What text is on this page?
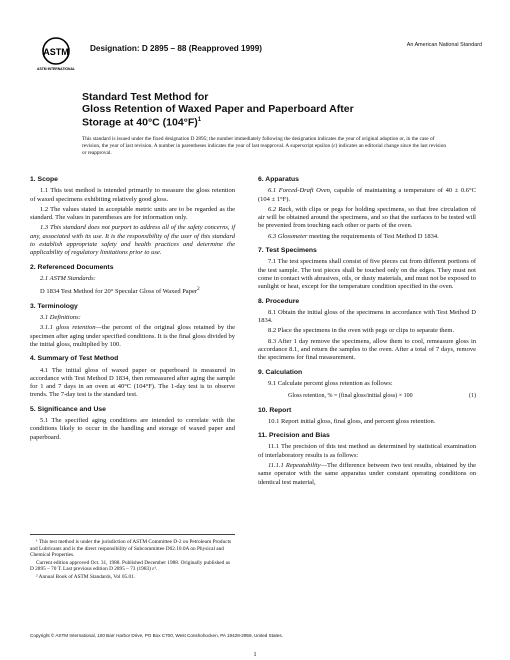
ASTM
ASTM INTERNATIONAL
Designation: D 2895 – 88 (Reapproved 1999)	An American National Standard
Standard Test Method for
Gloss Retention of Waxed Paper and Paperboard After
Storage at 40°C $(104^\circ F)^1$
This standard is issued under the fixed designation D 2895; the number immediately following the designation indicates the year of original adoption or, in the case of revision, the year of last revision. A number in parentheses indicates the year of last reapproval. A superscript epsilon (ε) indicates an editorial change since the last revision or reapproval.
1. Scope

1.1 This test method is intended primarily to measure the gloss retention of waxed specimens exhibiting relatively good gloss.

1.2 The values stated in acceptable metric units are to be regarded as the standard. The values in parentheses are for information only.

1.3 This standard does not purport to address all of the safety concerns, if any, associated with its use. It is the responsibility of the user of this standard to establish appropriate safety and health practices and determine the applicability of regulatory limitations prior to use.

2. Referenced Documents

2.1 ASTM Standards:

D 1834 Test Method for 20° Specular Gloss of Waxed Paper$^2$

3. Terminology

3.1 Definitions:

3.1.1 gloss retention—the percent of the original gloss retained by the specimen after aging under specified conditions. It is the final gloss divided by the initial gloss, multiplied by 100.

4. Summary of Test Method

4.1 The initial gloss of waxed paper or paperboard is measured in accordance with Test Method D 1834, then remeasured after aging the sample for 1 and 7 days in an oven at 40°C (104°F). The 1-day test is to observe trends. The 7-day test is the standard test.

5. Significance and Use

5.1 The specified aging conditions are intended to correlate with the conditions likely to occur in the handling and storage of waxed paper and paperboard.

¹ This test method is under the jurisdiction of ASTM Committee D-2 on Petroleum Products and Lubricants and is the direct responsibility of Subcommittee D02.10.0A on Physical and Chemical Properties.

Current edition approved Oct. 31, 1988. Published December 1988. Originally published as D 2895 – 70 T. Last previous edition D 2895 – 73 (1983) ε¹.

² Annual Book of ASTM Standards, Vol 05.01.

6. Apparatus

6.1 Forced-Draft Oven, capable of maintaining a temperature of 40 ± 0.6°C (104 ± 1°F).

6.2 Rack, with clips or pegs for holding specimens, so that free circulation of air will be obtained around the specimens, and so that the surfaces to be tested will be prevented from touching each other or parts of the oven.

6.3 Glossmeter meeting the requirements of Test Method D 1834.

7. Test Specimens

7.1 The test specimens shall consist of five pieces cut from different portions of the test sample. The test pieces shall be touched only on the edges. They must not come in contact with abrasives, oils, or dusty materials, and must not be exposed to sunlight or heat, except for the temperature condition specified in the oven.

8. Procedure

8.1 Obtain the initial gloss of the specimens in accordance with Test Method D 1834.

8.2 Place the specimens in the oven with pegs or clips to separate them.

8.3 After 1 day remove the specimens, allow them to cool, remeasure gloss in accordance 8.1, and return the samples to the oven. After a total of 7 days, remove the specimens for final measurement.

9. Calculation

9.1 Calculate percent gloss retention as follows:

Gloss retention, % = (final gloss/initial gloss) × 100	(1)
10. Report

10.1 Report initial gloss, final gloss, and percent gloss retention.

11. Precision and Bias

11.1 The precision of this test method as determined by statistical examination of interlaboratory results is as follows:

11.1.1 Repeatability—The difference between two test results, obtained by the same operator with the same apparatus under constant operating conditions on identical test material,

Copyright © ASTM International, 100 Barr Harbor Drive, PO Box C700, West Conshohocken, PA 19428-2959, United States.
1
